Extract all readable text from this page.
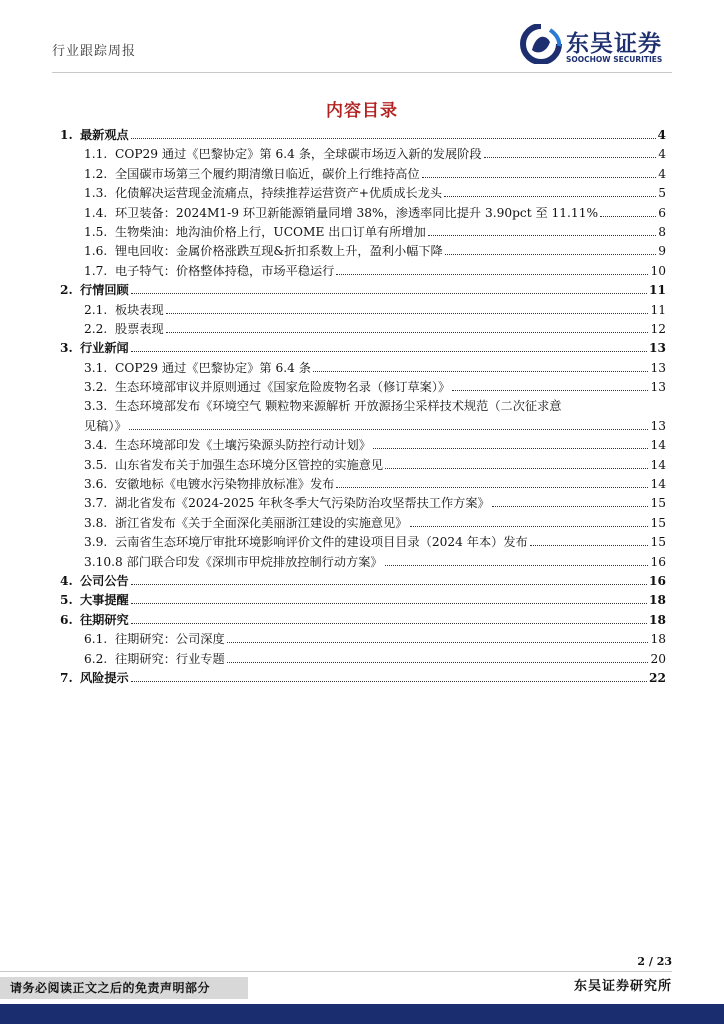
行业跟踪周报	东吴证券
SOOCHOW SECURITIES
内容目录
1. 最新观点	4
1.1. COP29 通过《巴黎协定》第 6.4 条，全球碳市场迈入新的发展阶段	4
1.2. 全国碳市场第三个履约期清缴日临近，碳价上行维持高位	4
1.3. 化债解决运营现金流痛点，持续推荐运营资产+优质成长龙头	5
1.4. 环卫装备：2024M1-9 环卫新能源销量同增 38%，渗透率同比提升 3.90pct 至 11.11%	6
1.5. 生物柴油：地沟油价格上行，UCOME 出口订单有所增加	8
1.6. 锂电回收：金属价格涨跌互现&折扣系数上升，盈利小幅下降	9
1.7. 电子特气：价格整体持稳，市场平稳运行	10
2. 行情回顾	11
2.1. 板块表现	11
2.2. 股票表现	12
3. 行业新闻	13
3.1. COP29 通过《巴黎协定》第 6.4 条	13
3.2. 生态环境部审议并原则通过《国家危险废物名录（修订草案）》	13
3.3. 生态环境部发布《环境空气 颗粒物来源解析 开放源扬尘采样技术规范（二次征求意
见稿）》	13
3.4. 生态环境部印发《土壤污染源头防控行动计划》	14
3.5. 山东省发布关于加强生态环境分区管控的实施意见	14
3.6. 安徽地标《电镀水污染物排放标准》发布	14
3.7. 湖北省发布《2024-2025 年秋冬季大气污染防治攻坚帮扶工作方案》	15
3.8. 浙江省发布《关于全面深化美丽浙江建设的实施意见》	15
3.9. 云南省生态环境厅审批环境影响评价文件的建设项目目录（2024 年本）发布	15
3.10. 8 部门联合印发《深圳市甲烷排放控制行动方案》	16
4. 公司公告	16
5. 大事提醒	18
6. 往期研究	18
6.1. 往期研究：公司深度	18
6.2. 往期研究：行业专题	20
7. 风险提示	22
2 / 23
请务必阅读正文之后的免责声明部分	东吴证券研究所
